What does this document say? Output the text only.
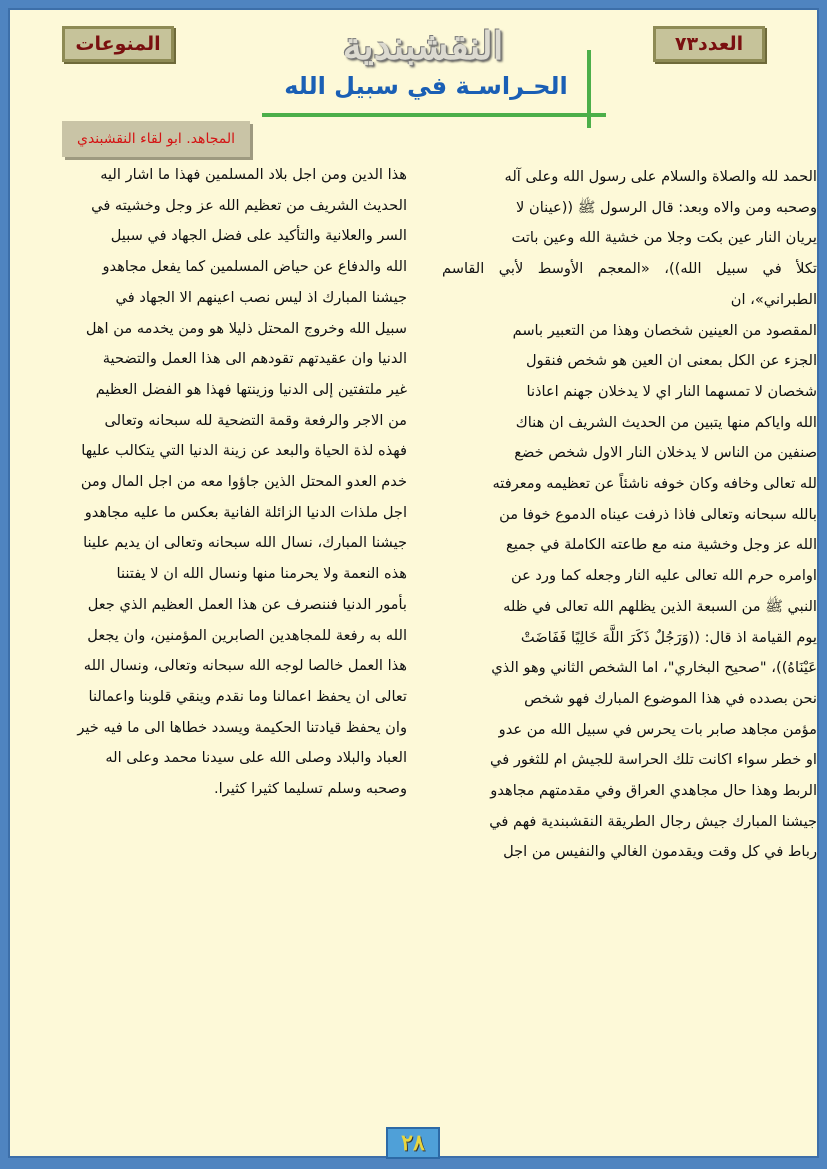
المنوعات	العدد٧٣
النقشبندية
الحـراسـة في سبيل الله
المجاهد. ابو لقاء النقشبندي
الحمد لله والصلاة والسلام على رسول الله وعلى آله
وصحبه ومن والاه وبعد: قال الرسول ﷺ ((عينان لا
يريان النار عين بكت وجلا من خشية الله وعين باتت
تكلأ في سبيل الله))، «المعجم الأوسط لأبي القاسم الطبراني»، ان
المقصود من العينين شخصان وهذا من التعبير باسم
الجزء عن الكل بمعنى ان العين هو شخص فنقول
شخصان لا تمسهما النار اي لا يدخلان جهنم اعاذنا
الله واياكم منها يتبين من الحديث الشريف ان هناك
صنفين من الناس لا يدخلان النار الاول شخص خضع
لله تعالى وخافه وكان خوفه ناشئاً عن تعظيمه ومعرفته
بالله سبحانه وتعالى فاذا ذرفت عيناه الدموع خوفا من
الله عز وجل وخشية منه مع طاعته الكاملة في جميع
اوامره حرم الله تعالى عليه النار وجعله كما ورد عن
النبي ﷺ من السبعة الذين يظلهم الله تعالى في ظله
يوم القيامة اذ قال: ((وَرَجُلٌ ذَكَرَ اللَّهَ خَالِيًا فَفَاضَتْ
عَيْنَاهُ))، "صحيح البخاري"، اما الشخص الثاني وهو الذي
نحن بصدده في هذا الموضوع المبارك فهو شخص
مؤمن مجاهد صابر بات يحرس في سبيل الله من عدو
او خطر سواء اكانت تلك الحراسة للجيش ام للثغور في
الربط وهذا حال مجاهدي العراق وفي مقدمتهم مجاهدو
جيشنا المبارك جيش رجال الطريقة النقشبندية فهم في
رباط في كل وقت ويقدمون الغالي والنفيس من اجل
هذا الدين ومن اجل بلاد المسلمين فهذا ما اشار اليه
الحديث الشريف من تعظيم الله عز وجل وخشيته في
السر والعلانية والتأكيد على فضل الجهاد في سبيل
الله والدفاع عن حياض المسلمين كما يفعل مجاهدو
جيشنا المبارك اذ ليس نصب اعينهم الا الجهاد في
سبيل الله وخروج المحتل ذليلا هو ومن يخدمه من اهل
الدنيا وان عقيدتهم تقودهم الى هذا العمل والتضحية
غير ملتفتين إلى الدنيا وزينتها فهذا هو الفضل العظيم
من الاجر والرفعة وقمة التضحية لله سبحانه وتعالى
فهذه لذة الحياة والبعد عن زينة الدنيا التي يتكالب عليها
خدم العدو المحتل الذين جاؤوا معه من اجل المال ومن
اجل ملذات الدنيا الزائلة الفانية بعكس ما عليه مجاهدو
جيشنا المبارك، نسال الله سبحانه وتعالى ان يديم علينا
هذه النعمة ولا يحرمنا منها ونسال الله ان لا يفتننا
بأمور الدنيا فننصرف عن هذا العمل العظيم الذي جعل
الله به رفعة للمجاهدين الصابرين المؤمنين، وان يجعل
هذا العمل خالصا لوجه الله سبحانه وتعالى، ونسال الله
تعالى ان يحفظ اعمالنا وما نقدم وينقي قلوبنا واعمالنا
وان يحفظ قيادتنا الحكيمة ويسدد خطاها الى ما فيه خير
العباد والبلاد وصلى الله على سيدنا محمد وعلى اله
وصحبه وسلم تسليما كثيرا كثيرا.
٢٨
